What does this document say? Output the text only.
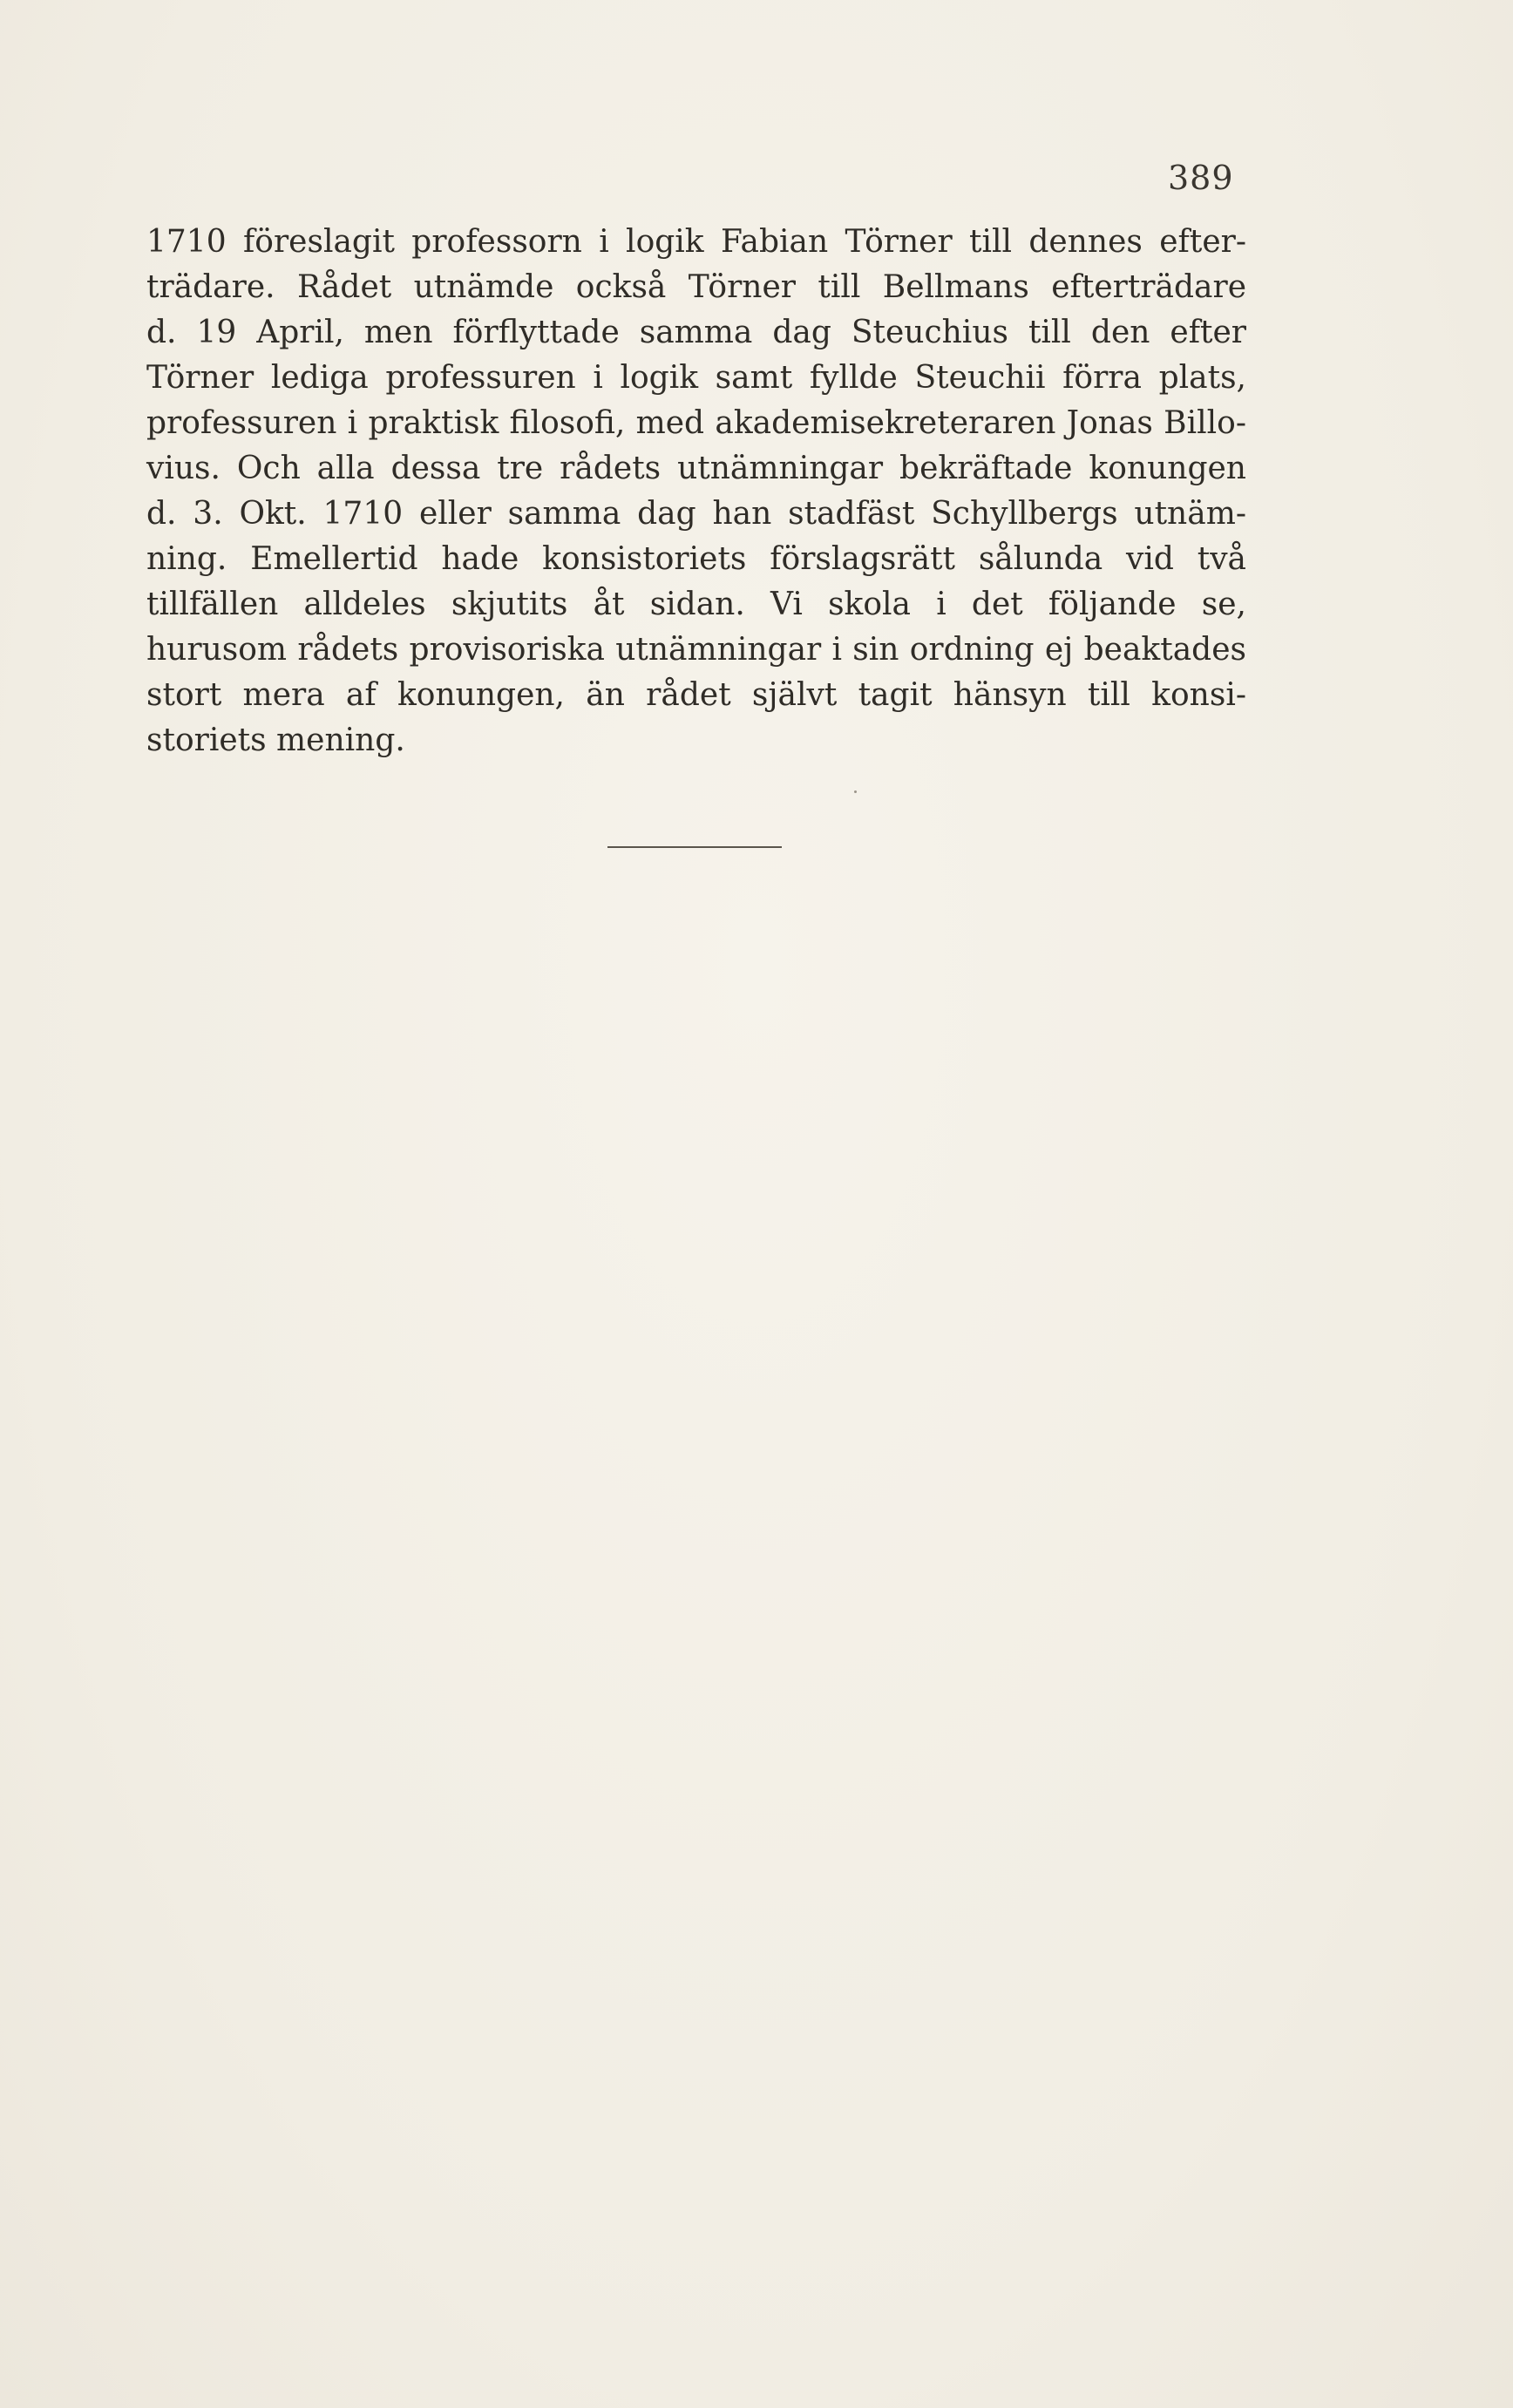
389
1710 föreslagit professorn i logik Fabian Törner till dennes efter-
trädare. Rådet utnämde också Törner till Bellmans efterträdare
d. 19 April, men förflyttade samma dag Steuchius till den efter
Törner lediga professuren i logik samt fyllde Steuchii förra plats,
professuren i praktisk filosofi, med akademisekreteraren Jonas Billo-
vius. Och alla dessa tre rådets utnämningar bekräftade konungen
d. 3. Okt. 1710 eller samma dag han stadfäst Schyllbergs utnäm-
ning. Emellertid hade konsistoriets förslagsrätt sålunda vid två
tillfällen alldeles skjutits åt sidan. Vi skola i det följande se,
hurusom rådets provisoriska utnämningar i sin ordning ej beaktades
stort mera af konungen, än rådet självt tagit hänsyn till konsi-
storiets mening.
